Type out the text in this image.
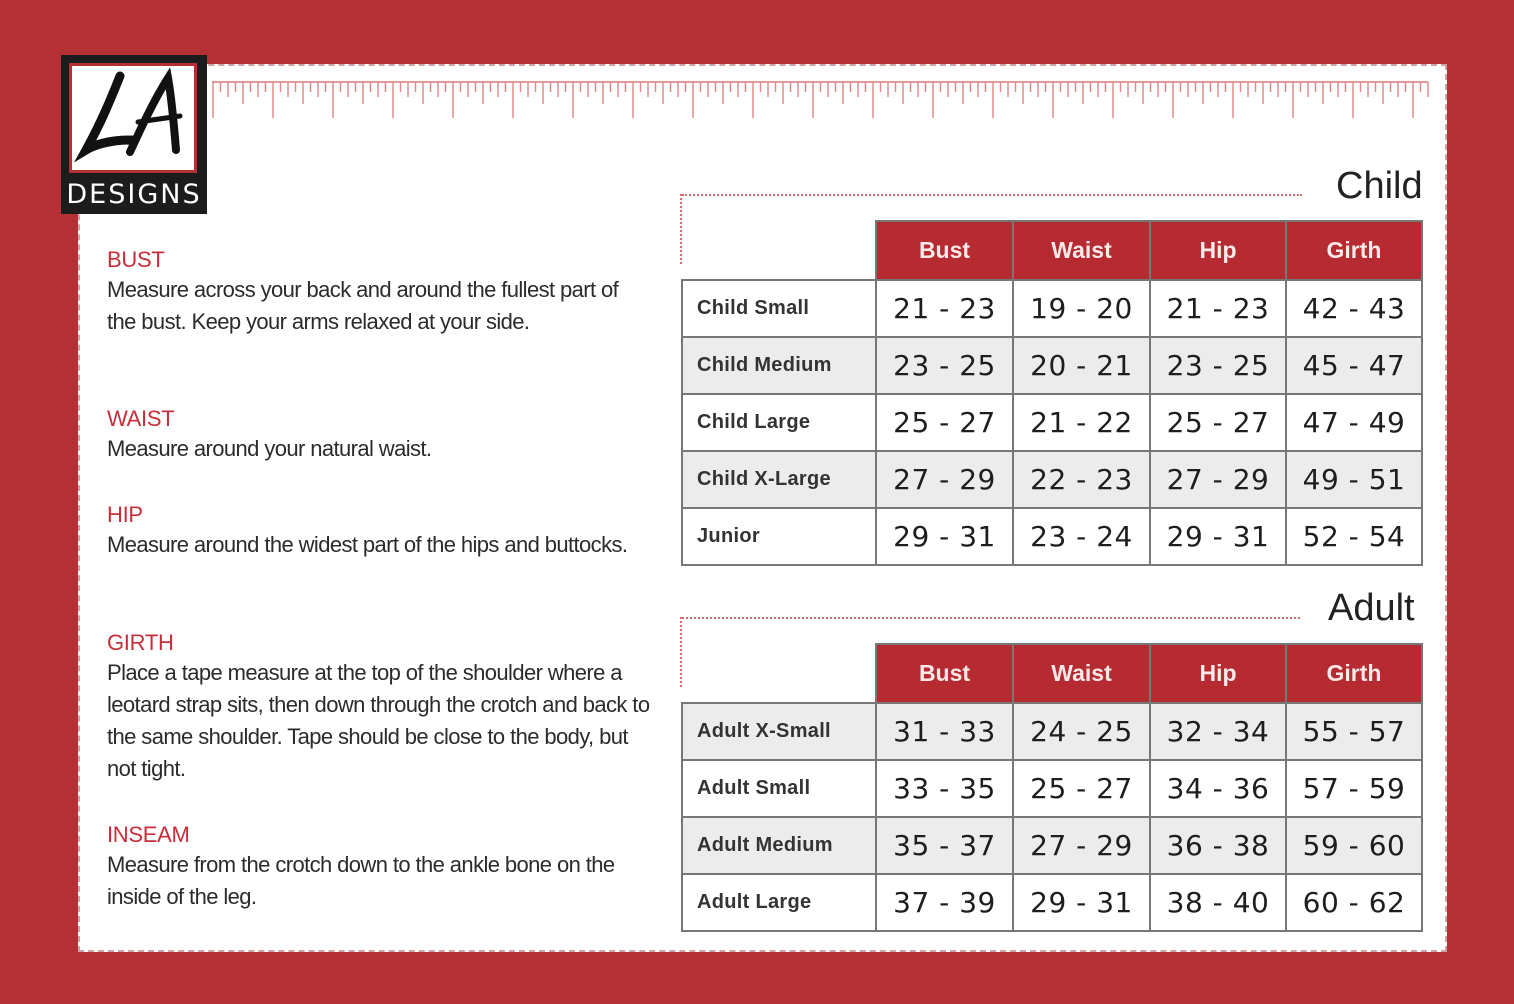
DESIGNS
BUST
Measure across your back and around the fullest part of the bust. Keep your arms relaxed at your side.
WAIST
Measure around your natural waist.
HIP
Measure around the widest part of the hips and buttocks.
GIRTH
Place a tape measure at the top of the shoulder where a leotard strap sits, then down through the crotch and back to the same shoulder. Tape should be close to the body, but not tight.
INSEAM
Measure from the crotch down to the ankle bone on the inside of the leg.
Child
	Bust	Waist	Hip	Girth
Child Small	21 - 23	19 - 20	21 - 23	42 - 43
Child Medium	23 - 25	20 - 21	23 - 25	45 - 47
Child Large	25 - 27	21 - 22	25 - 27	47 - 49
Child X-Large	27 - 29	22 - 23	27 - 29	49 - 51
Junior	29 - 31	23 - 24	29 - 31	52 - 54
Adult
	Bust	Waist	Hip	Girth
Adult X-Small	31 - 33	24 - 25	32 - 34	55 - 57
Adult Small	33 - 35	25 - 27	34 - 36	57 - 59
Adult Medium	35 - 37	27 - 29	36 - 38	59 - 60
Adult Large	37 - 39	29 - 31	38 - 40	60 - 62
